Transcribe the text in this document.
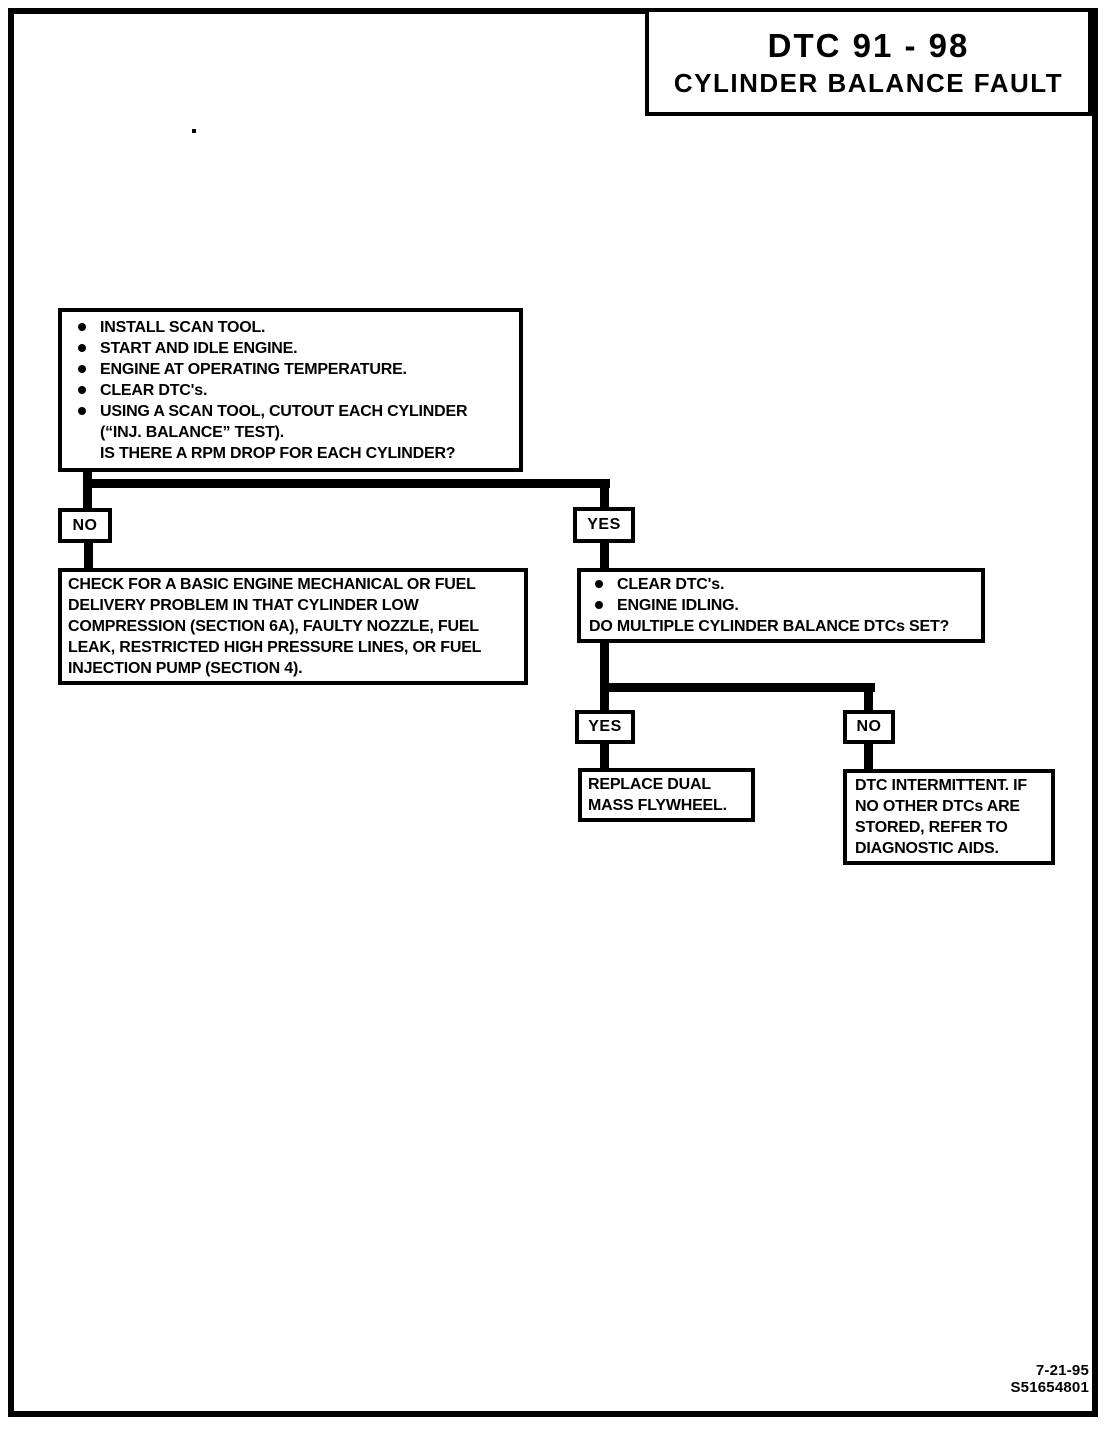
DTC 91 - 98
CYLINDER BALANCE FAULT
INSTALL SCAN TOOL.
START AND IDLE ENGINE.
ENGINE AT OPERATING TEMPERATURE.
CLEAR DTC's.
USING A SCAN TOOL, CUTOUT EACH CYLINDER
(“INJ. BALANCE” TEST).
IS THERE A RPM DROP FOR EACH CYLINDER?
NO	YES
CHECK FOR A BASIC ENGINE MECHANICAL OR FUEL DELIVERY PROBLEM IN THAT CYLINDER LOW COMPRESSION (SECTION 6A), FAULTY NOZZLE, FUEL LEAK, RESTRICTED HIGH PRESSURE LINES, OR FUEL INJECTION PUMP (SECTION 4).
CLEAR DTC's.
ENGINE IDLING.
DO MULTIPLE CYLINDER BALANCE DTCs SET?
YES	NO
REPLACE DUAL MASS FLYWHEEL.
DTC INTERMITTENT. IF NO OTHER DTCs ARE STORED, REFER TO DIAGNOSTIC AIDS.
7-21-95
S51654801
